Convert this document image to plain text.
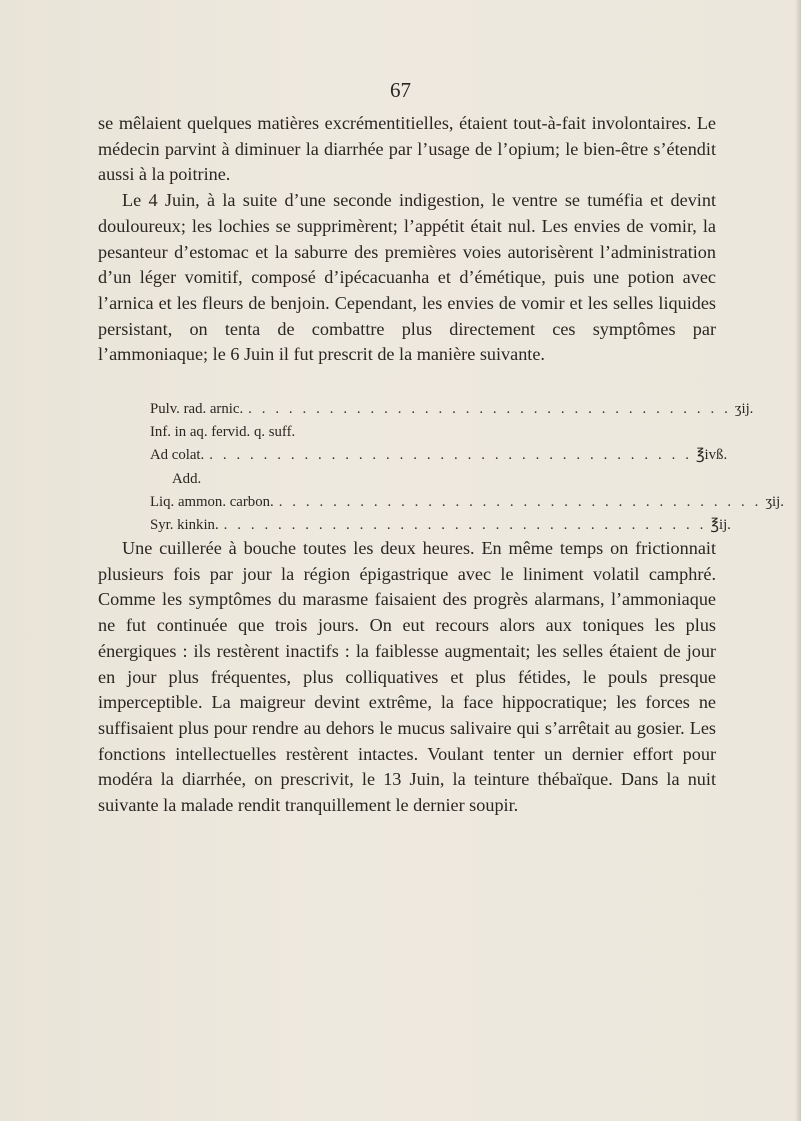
67

se mêlaient quelques matières excrémentitielles, étaient tout-à-fait involontaires. Le médecin parvint à diminuer la diarrhée par l’usage de l’opium; le bien-être s’étendit aussi à la poitrine.

Le 4 Juin, à la suite d’une seconde indigestion, le ventre se tuméfia et devint douloureux; les lochies se supprimèrent; l’appétit était nul. Les envies de vomir, la pesanteur d’estomac et la saburre des premières voies autorisèrent l’administration d’un léger vomitif, composé d’ipécacuanha et d’émétique, puis une potion avec l’arnica et les fleurs de benjoin. Cependant, les envies de vomir et les selles liquides persistant, on tenta de combattre plus directement ces symptômes par l’ammoniaque; le 6 Juin il fut prescrit de la manière suivante.

Pulv. rad. arnic. . . . . . . . . . . . . . . . . . . . . . . . . . . . . . . . . . . . . ʒij.
Inf. in aq. fervid. q. suff.
Ad colat. . . . . . . . . . . . . . . . . . . . . . . . . . . . . . . . . . . . . ℥ivß.
Add.
Liq. ammon. carbon. . . . . . . . . . . . . . . . . . . . . . . . . . . . . . . . . . . . . ʒij.
Syr. kinkin. . . . . . . . . . . . . . . . . . . . . . . . . . . . . . . . . . . . . ℥ij.

Une cuillerée à bouche toutes les deux heures. En même temps on frictionnait plusieurs fois par jour la région épigastrique avec le liniment volatil camphré. Comme les symptômes du marasme faisaient des progrès alarmans, l’ammoniaque ne fut continuée que trois jours. On eut recours alors aux toniques les plus énergiques : ils restèrent inactifs : la faiblesse augmentait; les selles étaient de jour en jour plus fréquentes, plus colliquatives et plus fétides, le pouls presque imperceptible. La maigreur devint extrême, la face hippocratique; les forces ne suffisaient plus pour rendre au dehors le mucus salivaire qui s’arrêtait au gosier. Les fonctions intellectuelles restèrent intactes. Voulant tenter un dernier effort pour modéra la diarrhée, on prescrivit, le 13 Juin, la teinture thébaïque. Dans la nuit suivante la malade rendit tranquillement le dernier soupir.
